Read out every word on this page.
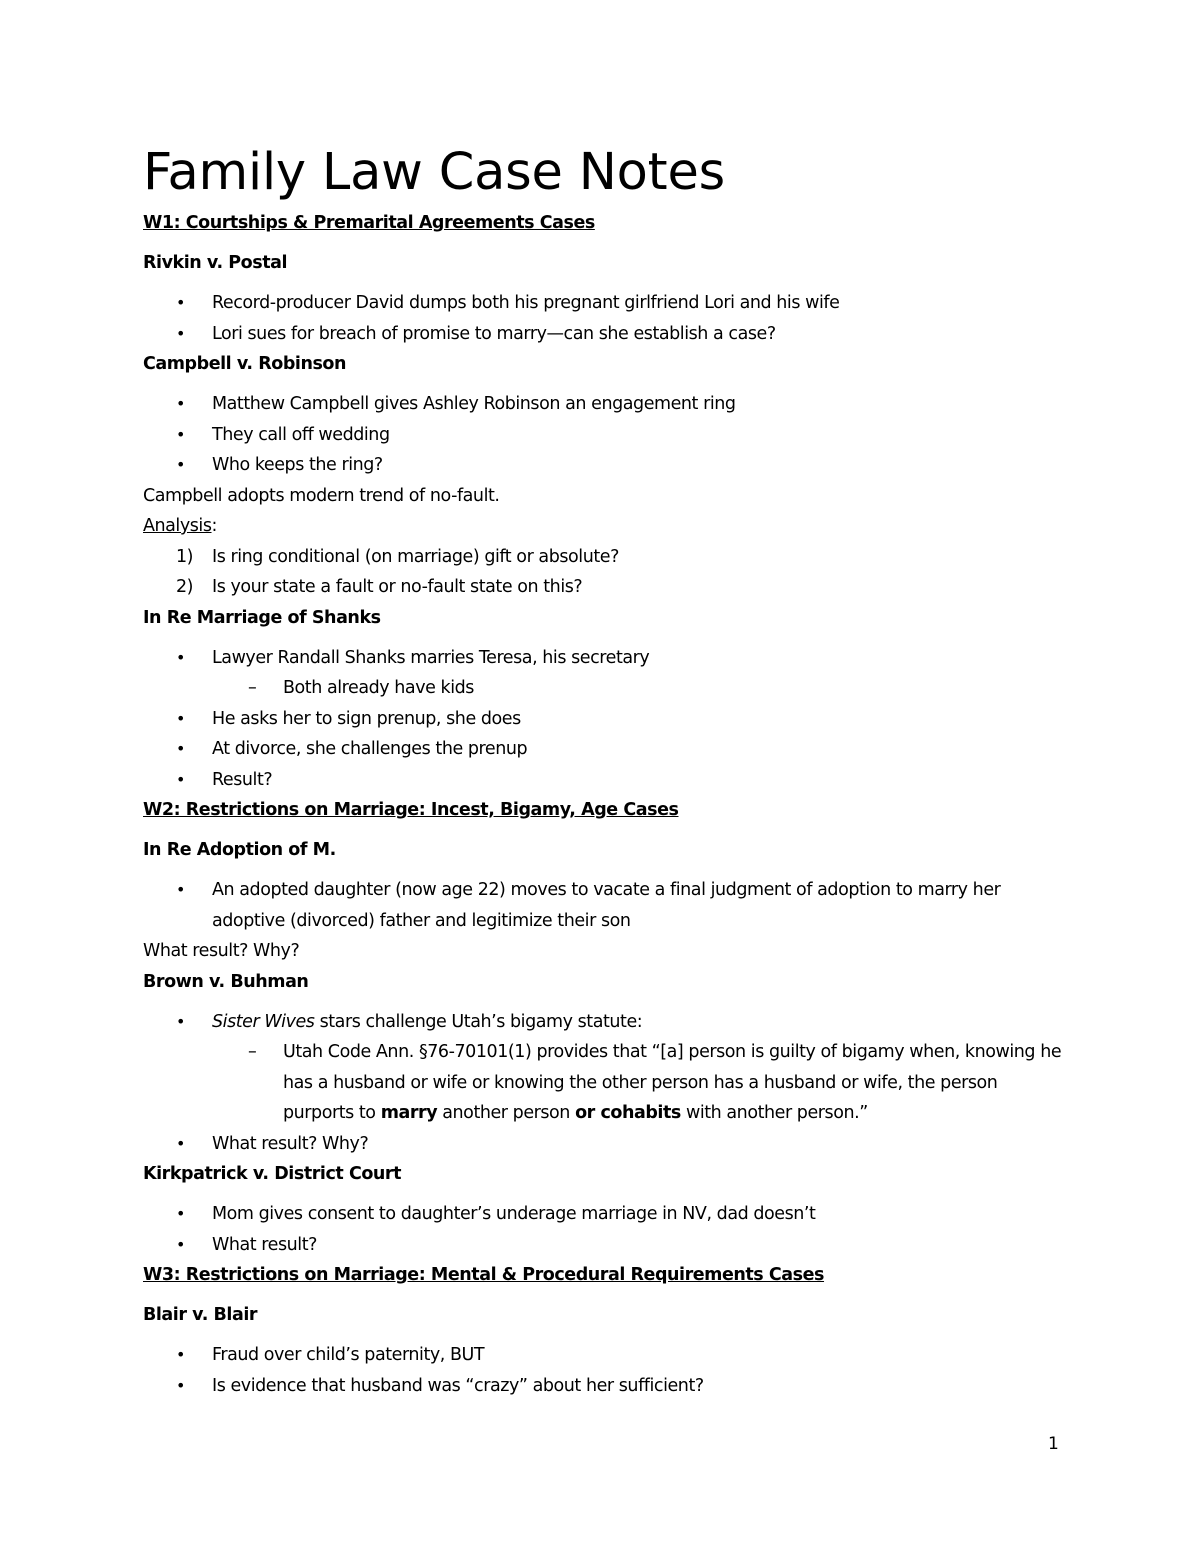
Family Law Case Notes
W1: Courtships & Premarital Agreements Cases
Rivkin v. Postal
• Record-producer David dumps both his pregnant girlfriend Lori and his wife
• Lori sues for breach of promise to marry—can she establish a case?
Campbell v. Robinson
• Matthew Campbell gives Ashley Robinson an engagement ring
• They call off wedding
• Who keeps the ring?
Campbell adopts modern trend of no-fault.
Analysis:
1) Is ring conditional (on marriage) gift or absolute?
2) Is your state a fault or no-fault state on this?
In Re Marriage of Shanks
• Lawyer Randall Shanks marries Teresa, his secretary
– Both already have kids
• He asks her to sign prenup, she does
• At divorce, she challenges the prenup
• Result?
W2: Restrictions on Marriage: Incest, Bigamy, Age Cases
In Re Adoption of M.
• An adopted daughter (now age 22) moves to vacate a final judgment of adoption to marry her adoptive (divorced) father and legitimize their son
What result? Why?
Brown v. Buhman
• Sister Wives stars challenge Utah’s bigamy statute:
– Utah Code Ann. §76-70101(1) provides that “[a] person is guilty of bigamy when, knowing he has a husband or wife or knowing the other person has a husband or wife, the person purports to marry another person or cohabits with another person.”
• What result? Why?
Kirkpatrick v. District Court
• Mom gives consent to daughter’s underage marriage in NV, dad doesn’t
• What result?
W3: Restrictions on Marriage: Mental & Procedural Requirements Cases
Blair v. Blair
• Fraud over child’s paternity, BUT
• Is evidence that husband was “crazy” about her sufficient?
1
